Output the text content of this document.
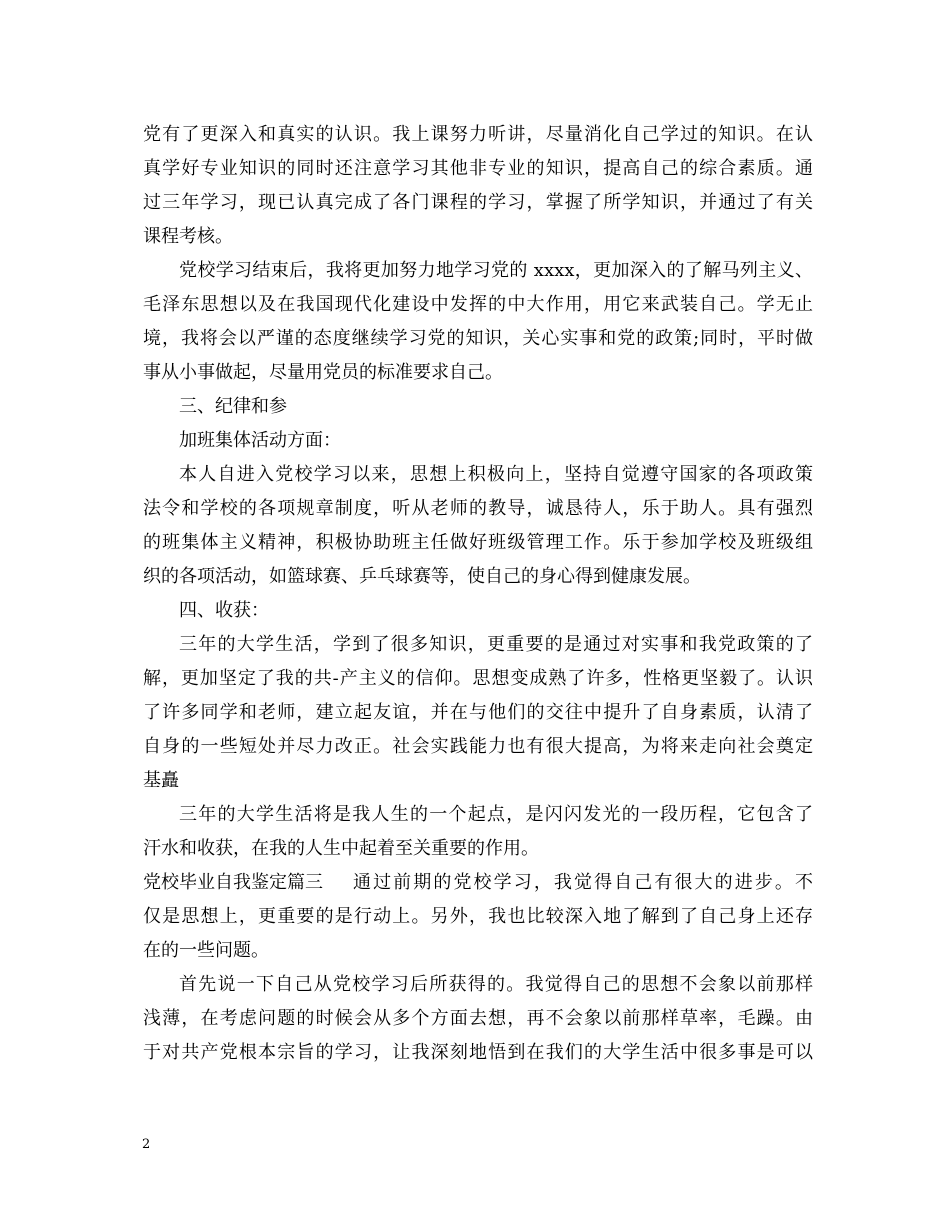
党有了更深入和真实的认识。我上课努力听讲，尽量消化自己学过的知识。在认
真学好专业知识的同时还注意学习其他非专业的知识，提高自己的综合素质。通
过三年学习，现已认真完成了各门课程的学习，掌握了所学知识，并通过了有关
课程考核。
党校学习结束后，我将更加努力地学习党的 xxxx，更加深入的了解马列主义、
毛泽东思想以及在我国现代化建设中发挥的中大作用，用它来武装自己。学无止
境，我将会以严谨的态度继续学习党的知识，关心实事和党的政策;同时，平时做
事从小事做起，尽量用党员的标准要求自己。
三、纪律和参
加班集体活动方面：
本人自进入党校学习以来，思想上积极向上，坚持自觉遵守国家的各项政策
法令和学校的各项规章制度，听从老师的教导，诚恳待人，乐于助人。具有强烈
的班集体主义精神，积极协助班主任做好班级管理工作。乐于参加学校及班级组
织的各项活动，如篮球赛、乒乓球赛等，使自己的身心得到健康发展。
四、收获：
三年的大学生活，学到了很多知识，更重要的是通过对实事和我党政策的了
解，更加坚定了我的共-产主义的信仰。思想变成熟了许多，性格更坚毅了。认识
了许多同学和老师，建立起友谊，并在与他们的交往中提升了自身素质，认清了
自身的一些短处并尽力改正。社会实践能力也有很大提高，为将来走向社会奠定
基矗
三年的大学生活将是我人生的一个起点，是闪闪发光的一段历程，它包含了
汗水和收获，在我的人生中起着至关重要的作用。
党校毕业自我鉴定篇三	通过前期的党校学习，我觉得自己有很大的进步。不
仅是思想上，更重要的是行动上。另外，我也比较深入地了解到了自己身上还存
在的一些问题。
首先说一下自己从党校学习后所获得的。我觉得自己的思想不会象以前那样
浅薄，在考虑问题的时候会从多个方面去想，再不会象以前那样草率，毛躁。由
于对共产党根本宗旨的学习，让我深刻地悟到在我们的大学生活中很多事是可以
2
